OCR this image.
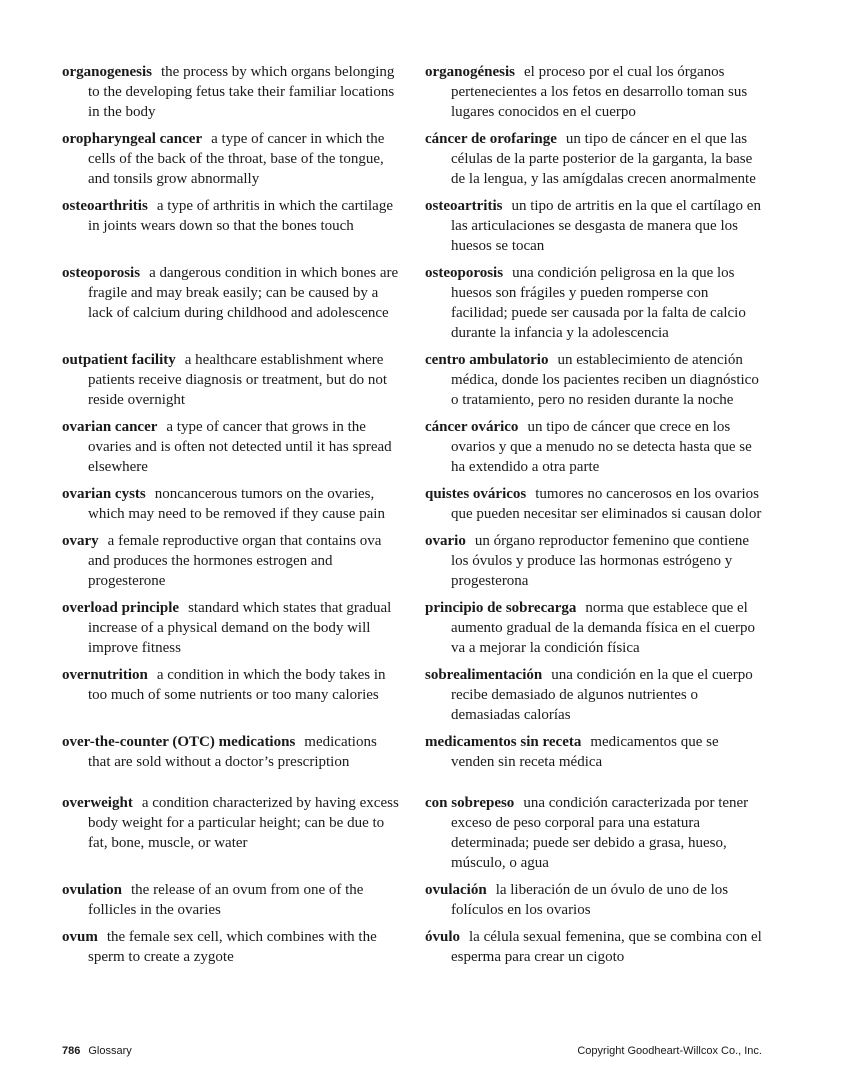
organogenesis the process by which organs belonging to the developing fetus take their familiar locations in the body
organogénesis el proceso por el cual los órganos pertenecientes a los fetos en desarrollo toman sus lugares conocidos en el cuerpo
oropharyngeal cancer a type of cancer in which the cells of the back of the throat, base of the tongue, and tonsils grow abnormally
cáncer de orofaringe un tipo de cáncer en el que las células de la parte posterior de la garganta, la base de la lengua, y las amígdalas crecen anormalmente
osteoarthritis a type of arthritis in which the cartilage in joints wears down so that the bones touch
osteoartritis un tipo de artritis en la que el cartílago en las articulaciones se desgasta de manera que los huesos se tocan
osteoporosis a dangerous condition in which bones are fragile and may break easily; can be caused by a lack of calcium during childhood and adolescence
osteoporosis una condición peligrosa en la que los huesos son frágiles y pueden romperse con facilidad; puede ser causada por la falta de calcio durante la infancia y la adolescencia
outpatient facility a healthcare establishment where patients receive diagnosis or treatment, but do not reside overnight
centro ambulatorio un establecimiento de atención médica, donde los pacientes reciben un diagnóstico o tratamiento, pero no residen durante la noche
ovarian cancer a type of cancer that grows in the ovaries and is often not detected until it has spread elsewhere
cáncer ovárico un tipo de cáncer que crece en los ovarios y que a menudo no se detecta hasta que se ha extendido a otra parte
ovarian cysts noncancerous tumors on the ovaries, which may need to be removed if they cause pain
quistes ováricos tumores no cancerosos en los ovarios que pueden necesitar ser eliminados si causan dolor
ovary a female reproductive organ that contains ova and produces the hormones estrogen and progesterone
ovario un órgano reproductor femenino que contiene los óvulos y produce las hormonas estrógeno y progesterona
overload principle standard which states that gradual increase of a physical demand on the body will improve fitness
principio de sobrecarga norma que establece que el aumento gradual de la demanda física en el cuerpo va a mejorar la condición física
overnutrition a condition in which the body takes in too much of some nutrients or too many calories
sobrealimentación una condición en la que el cuerpo recibe demasiado de algunos nutrientes o demasiadas calorías
over-the-counter (OTC) medications medications that are sold without a doctor’s prescription
medicamentos sin receta medicamentos que se venden sin receta médica
overweight a condition characterized by having excess body weight for a particular height; can be due to fat, bone, muscle, or water
con sobrepeso una condición caracterizada por tener exceso de peso corporal para una estatura determinada; puede ser debido a grasa, hueso, músculo, o agua
ovulation the release of an ovum from one of the follicles in the ovaries
ovulación la liberación de un óvulo de uno de los folículos en los ovarios
ovum the female sex cell, which combines with the sperm to create a zygote
óvulo la célula sexual femenina, que se combina con el esperma para crear un cigoto
786 Glossary	Copyright Goodheart-Willcox Co., Inc.
